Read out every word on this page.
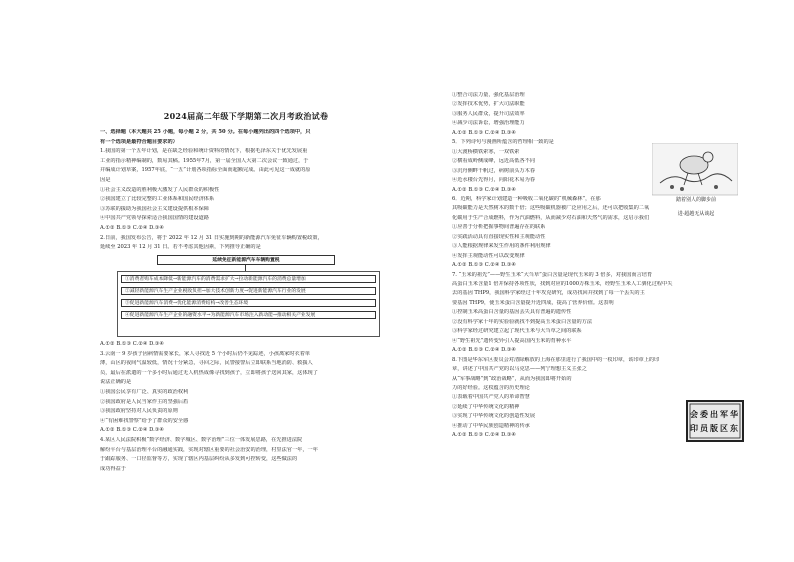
2024届高二年级下学期第二次月考政治试卷
一、选择题（本大题共 25 小题，每小题 2 分，共 50 分。在每小题列出的四个选项中，只
有一个选项是最符合题目要求的）
1.我国的第一个五年计划，是在缺乏经验和统计资料的情况下，根据毛泽东关于优先发展重
工业的指示精神编制的，数易其稿。1955年7月，第一届全国人大第二次会议一致通过，于
并编成计划草案，1957年底，“一五”计划各项指标全面而超额完成。由此可见这一成就的原
因是
①社会主义改造的胜利极大激发了人民群众的积极性
②我国建立了比较完整的工业体系和国民经济体系
③苏联的援助为我国社会主义建设提供根本保障
④中国共产党领导探索适合我国国情的建设道路
A.①② B.①③ C.②④ D.③④
2.日前，我国发布公告，将于 2022 年 12 月 31 日实施到期的新能源汽车免征车辆购置税政策，
延续至 2023 年 12 月 31 日。若不考虑其他因素，下列推导正确的是
延续免征新能源汽车车辆购置税
①消费者购车成本降低→新能源汽车的消费需求扩大→拉动新能源汽车的消费总量增加
②减轻新能源汽车生产企业税收负担→加大技术创新力度→促进新能源汽车行业的发展
③促进新能源汽车消费→优化能源消费结构→改善生态环境
④促进新能源汽车生产企业的融资水平→为新能源汽车市场注入新动能→推动相关产业发展
A.①② B.①③ C.②④ D.③④
3.云南一 9 岁孩子因病情需要家长，家人寻找近 5 个小时后仍不见踪迹，小孩离家时衣着单
薄，山区的夜间气温较低，情况十分紧急，寻回之际，民警接警后立即联系当地消防、救援人
员，最后在派遣的一个多小时后通过无人机热成像寻找到孩子，立即将孩子送回其家，这体现了
说法正确的是
①我国公民享有广泛、真实的政治权利
②我国政府是人民当家作主的坚强后盾
③我国政府坚持对人民负责的原则
④“有困难找警察”给予了群众的安全感
A.①② B.①③ C.②④ D.③④
4.某区人民法院积极“数字经济、数字城区、数字治理”三位一体发展思路，在先推进法院
解纷平台与基层治理平台的融通实践，实现对辖区重要的社会治安的治理，村里法官一年，一年
于跟踪服务、一口径监督等方，实现了辖区内基层纠纷从多发到可控转变，这些做法的
成功得益于
①整合司法力量，强化基层治理
②发挥技术优势，扩大司法职能
③服务人民群众，提升司法效率
④减少司法诉讼，增强治理能力
A.①② B.①③ C.②④ D.③④
5．下列诗句与漫画所蕴含的哲理相一致的是
①大渡桥横铁索寒，一双铁索
②横看成岭侧成峰，远近高低各不同
③沉舟侧畔千帆过，病树前头万木春
④近水楼台先得月，向阳花木易为春
A.①② B.①③ C.②④ D.③④
6．近期，科学家计划建造一种吸收二氧化碳的“机械森林”，在那
其吸碳能力是天然树木的数千倍；这些吸碳机器被广泛应用之后，还可以把收集的二氧
化碳用于生产合成燃料，作为汽油燃料，从而减少对石油和天然气的需求，这启示我们
①应善于分析把握事物间普遍存在的联系
②实践活动具有直接现实性和主观能动性
③人能根据规律来发生作用的条件利用规律
④发挥主观能动性可以改变规律
A.①② B.①③ C.②④ D.③④
7. “玉米的祖先”——野生玉米“大刍草”蛋白含量是现代玉米的 3 倍多，对我国而言培育
高蛋白玉米含量1 倍并保持各项性状，找到对应的1000万株玉米，经野生玉米人工驯化过程中失
去的基因 THP9，我国科学家经过十年攻克研究，成功找回并找到了每一个丢失的主
要基因 THP9，使玉米蛋白含量提升近四成，提高了营养价值。这表明
①控制玉米高蛋白含量的基因丢失具有普遍的遗传性
②没有科学家十年的实验验就找不到提高玉米蛋白含量的方法
③科学家经过研究建立起了现代玉米与大刍草之间的联系
④“野生祖先”遗传变异引人提高国内玉米的育种水平
A.①② B.①③ C.②④ D.③④
8.下图是华东军区委员会对清除解放的上海在那里进行了我国中的一枚印章，该印章上的印
章，讲述了中国共产党的以马克思——列宁理想主义主张之
从“军事战略”到“政治战略”，从而为我国即将开始的
力的好经验。这枚蕴含的历史理论
①表载着中国共产党人的革命智慧
②延续了中华传统文化的精神
③实现了中华传统文化的创造性发展
④推动了中华民族创造精神的传承
A.①② B.①③ C.②④ D.③④
踏着别人的脚步前
进·超越无从谈起
华
东
军
区
出
版
委
员
会
印
